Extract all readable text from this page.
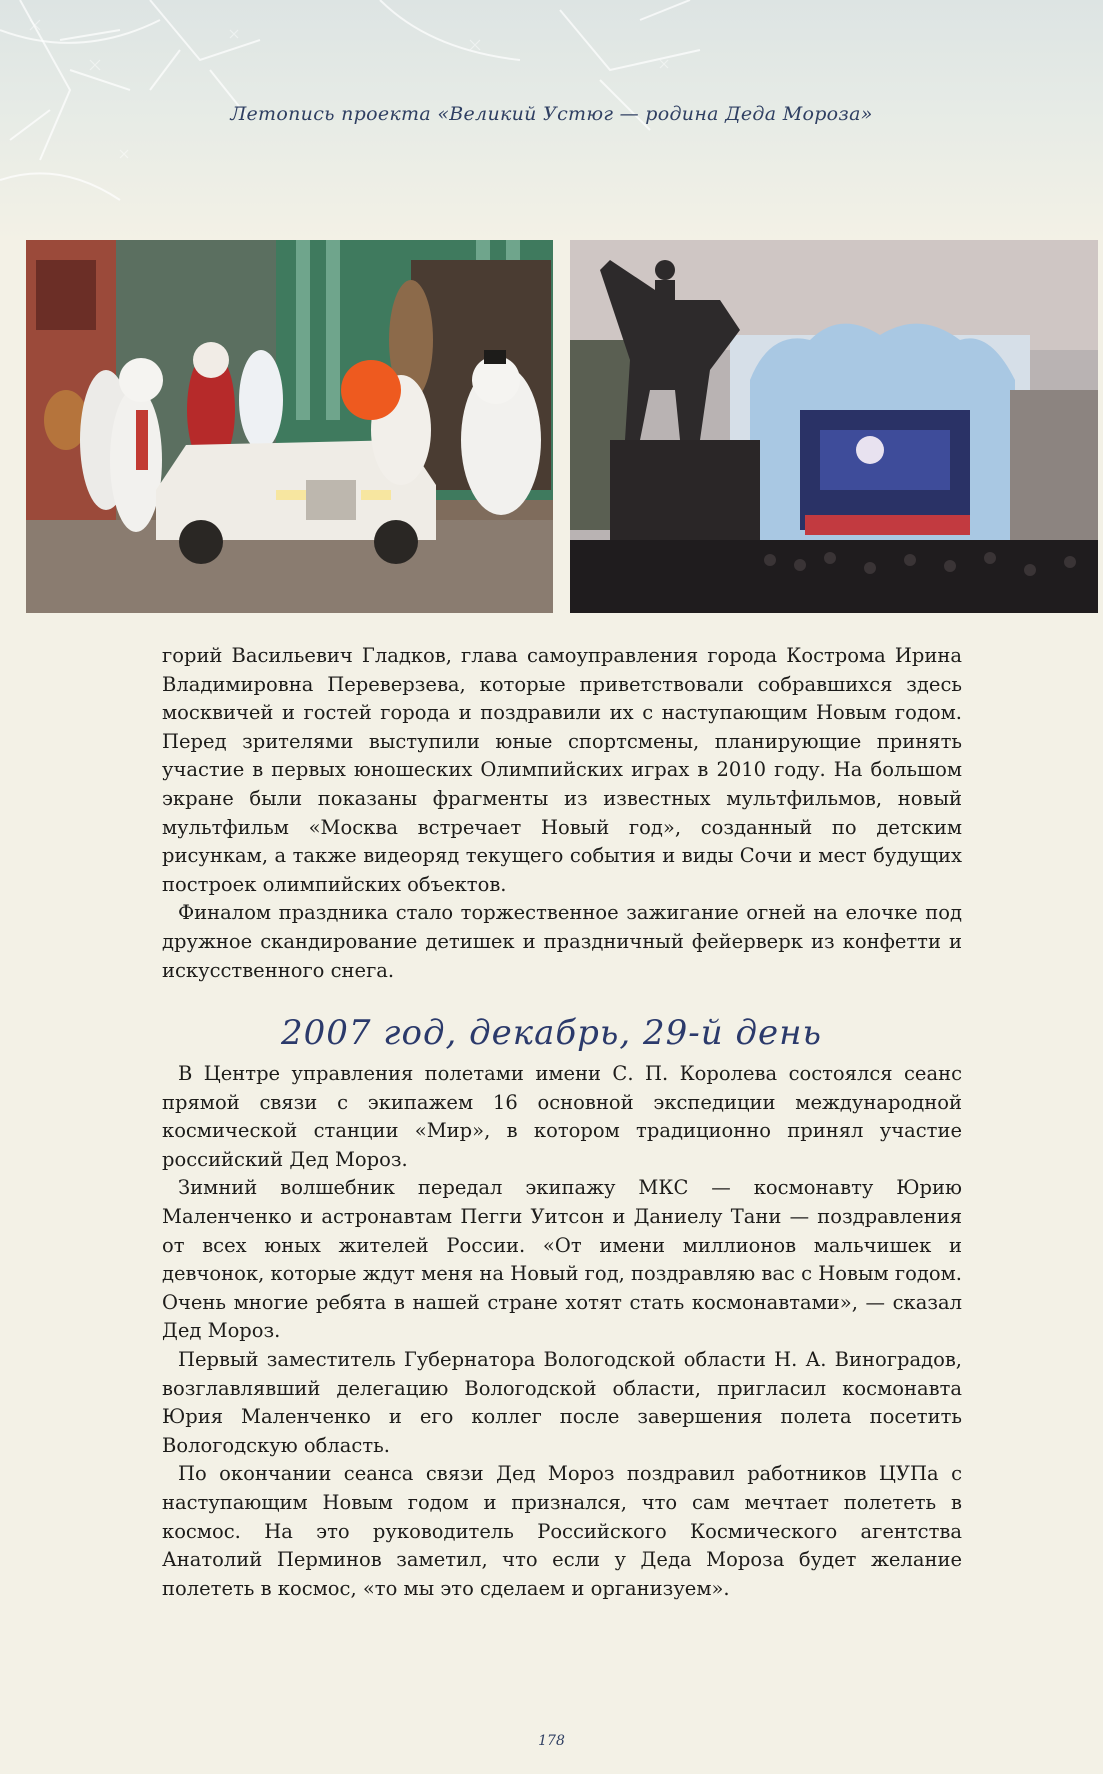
Летопись проекта «Великий Устюг — родина Деда Мороза»

горий Васильевич Гладков, глава самоуправления города Кострома Ирина Владимировна Переверзева, которые приветствовали собравшихся здесь москвичей и гостей города и поздравили их с наступающим Новым годом. Перед зрителями выступили юные спортсмены, планирующие принять участие в первых юношеских Олимпийских играх в 2010 году. На большом экране были показаны фрагменты из известных мультфильмов, новый мультфильм «Москва встречает Новый год», созданный по детским рисункам, а также видеоряд текущего события и виды Сочи и мест будущих построек олимпийских объектов.

Финалом праздника стало торжественное зажигание огней на елочке под дружное скандирование детишек и праздничный фейерверк из конфетти и искусственного снега.

2007 год, декабрь, 29-й день

В Центре управления полетами имени С. П. Королева состоялся сеанс прямой связи с экипажем 16 основной экспедиции международной космической станции «Мир», в котором традиционно принял участие российский Дед Мороз.

Зимний волшебник передал экипажу МКС — космонавту Юрию Маленченко и астронавтам Пегги Уитсон и Даниелу Тани — поздравления от всех юных жителей России. «От имени миллионов мальчишек и девчонок, которые ждут меня на Новый год, поздравляю вас с Новым годом. Очень многие ребята в нашей стране хотят стать космонавтами», — сказал Дед Мороз.

Первый заместитель Губернатора Вологодской области Н. А. Виноградов, возглавлявший делегацию Вологодской области, пригласил космонавта Юрия Маленченко и его коллег после завершения полета посетить Вологодскую область.

По окончании сеанса связи Дед Мороз поздравил работников ЦУПа с наступающим Новым годом и признался, что сам мечтает полететь в космос. На это руководитель Российского Космического агентства Анатолий Перминов заметил, что если у Деда Мороза будет желание полететь в космос, «то мы это сделаем и организуем».

178
